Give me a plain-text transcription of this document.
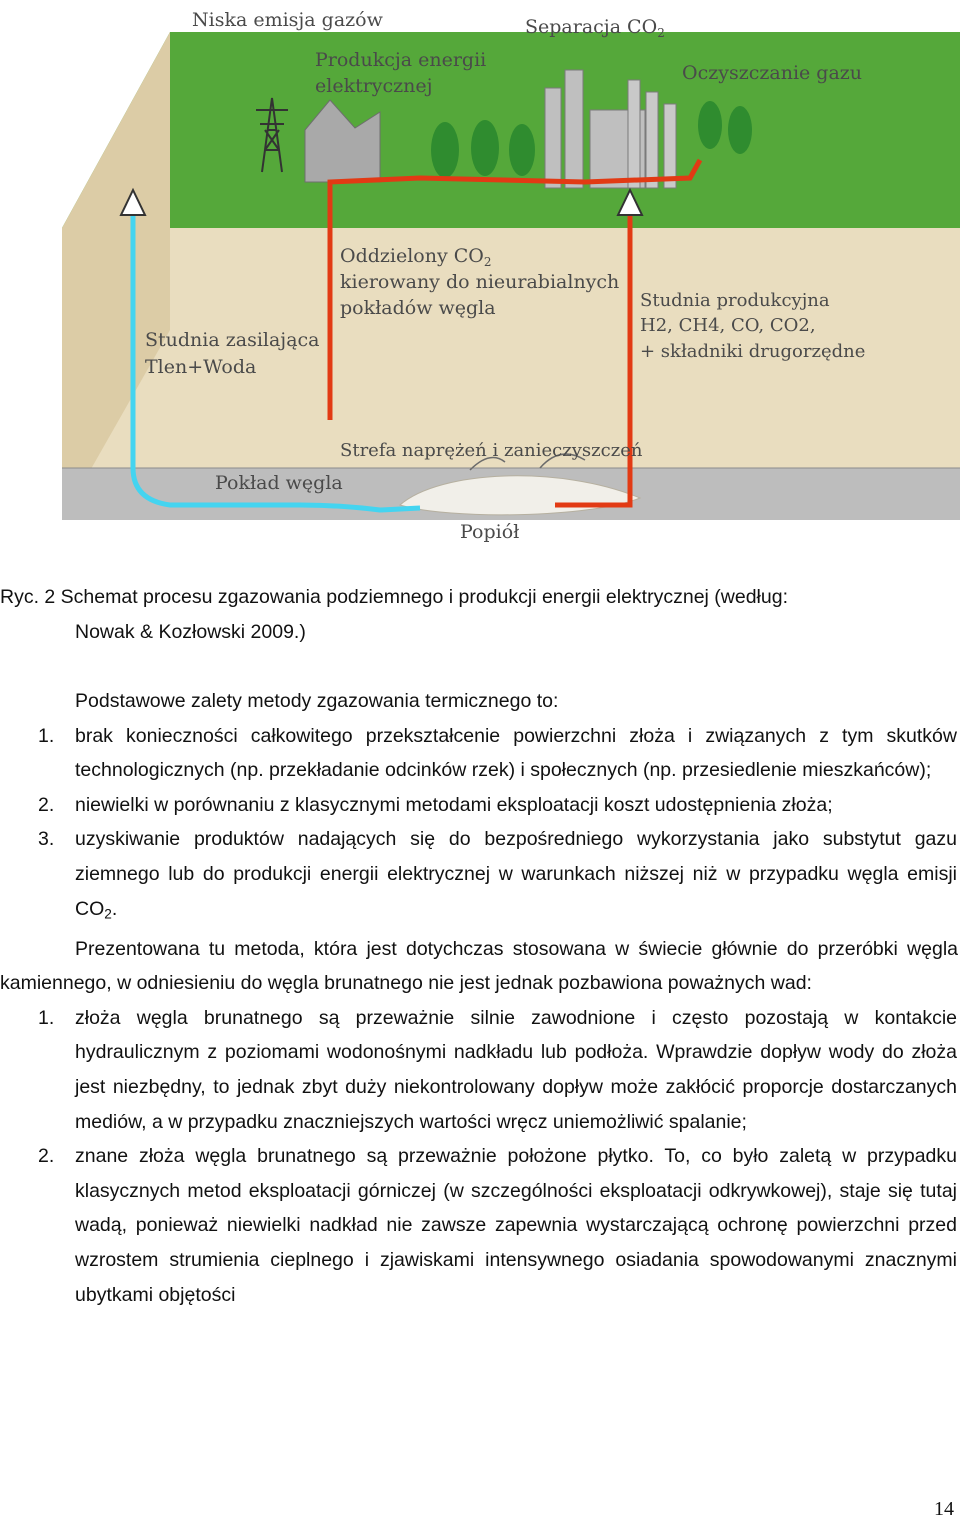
Niska emisja gazów
Produkcja energii
elektrycznej
Separacja $CO_2$
Oczyszczanie gazu
Oddzielony $CO_2$
kierowany do nieurabialnych
pokładów węgla
Studnia zasilająca
Tlen+Woda
Studnia produkcyjna
H2, CH4, CO, CO2,
+ składniki drugorzędne
Strefa naprężeń i zanieczyszczeń
Pokład węgla
Popiół
Ryc. 2 Schemat procesu zgazowania podziemnego i produkcji energii elektrycznej (według:
Nowak & Kozłowski 2009.)
Podstawowe zalety metody zgazowania termicznego to:
1.	brak konieczności całkowitego przekształcenie powierzchni złoża i związanych z tym skutków technologicznych (np. przekładanie odcinków rzek) i społecznych (np. przesiedlenie mieszkańców);
2.	niewielki w porównaniu z klasycznymi metodami eksploatacji koszt udostępnienia złoża;
3.	uzyskiwanie produktów nadających się do bezpośredniego wykorzystania jako substytut gazu ziemnego lub do produkcji energii elektrycznej w warunkach niższej niż w przypadku węgla emisji $CO_2$.
Prezentowana tu metoda, która jest dotychczas stosowana w świecie głównie do przeróbki węgla kamiennego, w odniesieniu do węgla brunatnego nie jest jednak pozbawiona poważnych wad:
1.	złoża węgla brunatnego są przeważnie silnie zawodnione i często pozostają w kontakcie hydraulicznym z poziomami wodonośnymi nadkładu lub podłoża. Wprawdzie dopływ wody do złoża jest niezbędny, to jednak zbyt duży niekontrolowany dopływ może zakłócić proporcje dostarczanych mediów, a w przypadku znaczniejszych wartości wręcz uniemożliwić spalanie;
2.	znane złoża węgla brunatnego są przeważnie położone płytko. To, co było zaletą w przypadku klasycznych metod eksploatacji górniczej (w szczególności eksploatacji odkrywkowej), staje się tutaj wadą, ponieważ niewielki nadkład nie zawsze zapewnia wystarczającą ochronę powierzchni przed wzrostem strumienia cieplnego i zjawiskami intensywnego osiadania spowodowanymi znacznymi ubytkami objętości
14
